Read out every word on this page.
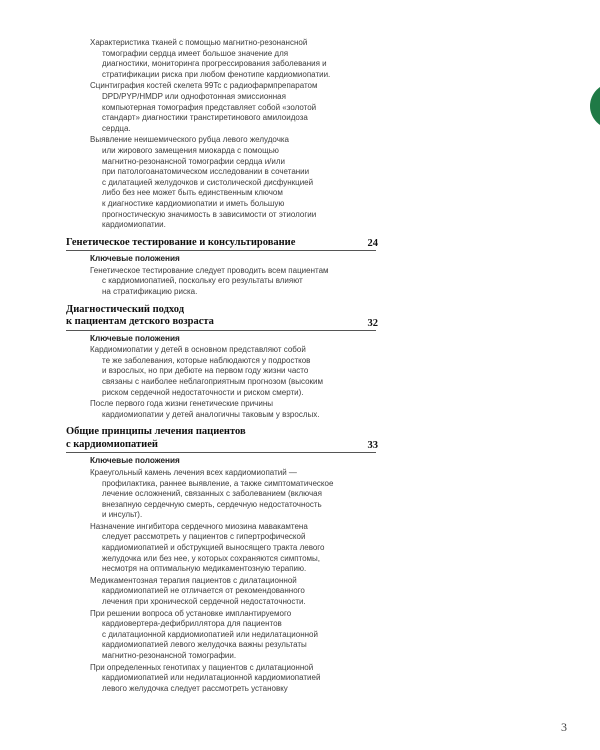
Характеристика тканей с помощью магнитно-резонансной
томографии сердца имеет большое значение для
диагностики, мониторинга прогрессирования заболевания и
стратификации риска при любом фенотипе кардиомиопатии.
Сцинтиграфия костей скелета 99Tc с радиофармпрепаратом
DPD/PYP/HMDP или однофотонная эмиссионная
компьютерная томография представляет собой «золотой
стандарт» диагностики транстиретинового амилоидоза
сердца.
Выявление неишемического рубца левого желудочка
или жирового замещения миокарда с помощью
магнитно-резонансной томографии сердца и/или
при патологоанатомическом исследовании в сочетании
с дилатацией желудочков и систолической дисфункцией
либо без нее может быть единственным ключом
к диагностике кардиомиопатии и иметь большую
прогностическую значимость в зависимости от этиологии
кардиомиопатии.
Генетическое тестирование и консультирование	24
Ключевые положения
Генетическое тестирование следует проводить всем пациентам
с кардиомиопатией, поскольку его результаты влияют
на стратификацию риска.
Диагностический подход
к пациентам детского возраста	32
Ключевые положения
Кардиомиопатии у детей в основном представляют собой
те же заболевания, которые наблюдаются у подростков
и взрослых, но при дебюте на первом году жизни часто
связаны с наиболее неблагоприятным прогнозом (высоким
риском сердечной недостаточности и риском смерти).
После первого года жизни генетические причины
кардиомиопатии у детей аналогичны таковым у взрослых.
Общие принципы лечения пациентов
с кардиомиопатией	33
Ключевые положения
Краеугольный камень лечения всех кардиомиопатий —
профилактика, раннее выявление, а также симптоматическое
лечение осложнений, связанных с заболеванием (включая
внезапную сердечную смерть, сердечную недостаточность
и инсульт).
Назначение ингибитора сердечного миозина мавакамтена
следует рассмотреть у пациентов с гипертрофической
кардиомиопатией и обструкцией выносящего тракта левого
желудочка или без нее, у которых сохраняются симптомы,
несмотря на оптимальную медикаментозную терапию.
Медикаментозная терапия пациентов с дилатационной
кардиомиопатией не отличается от рекомендованного
лечения при хронической сердечной недостаточности.
При решении вопроса об установке имплантируемого
кардиовертера-дефибриллятора для пациентов
с дилатационной кардиомиопатией или недилатационной
кардиомиопатией левого желудочка важны результаты
магнитно-резонансной томографии.
При определенных генотипах у пациентов с дилатационной
кардиомиопатией или недилатационной кардиомиопатией
левого желудочка следует рассмотреть установку
3
